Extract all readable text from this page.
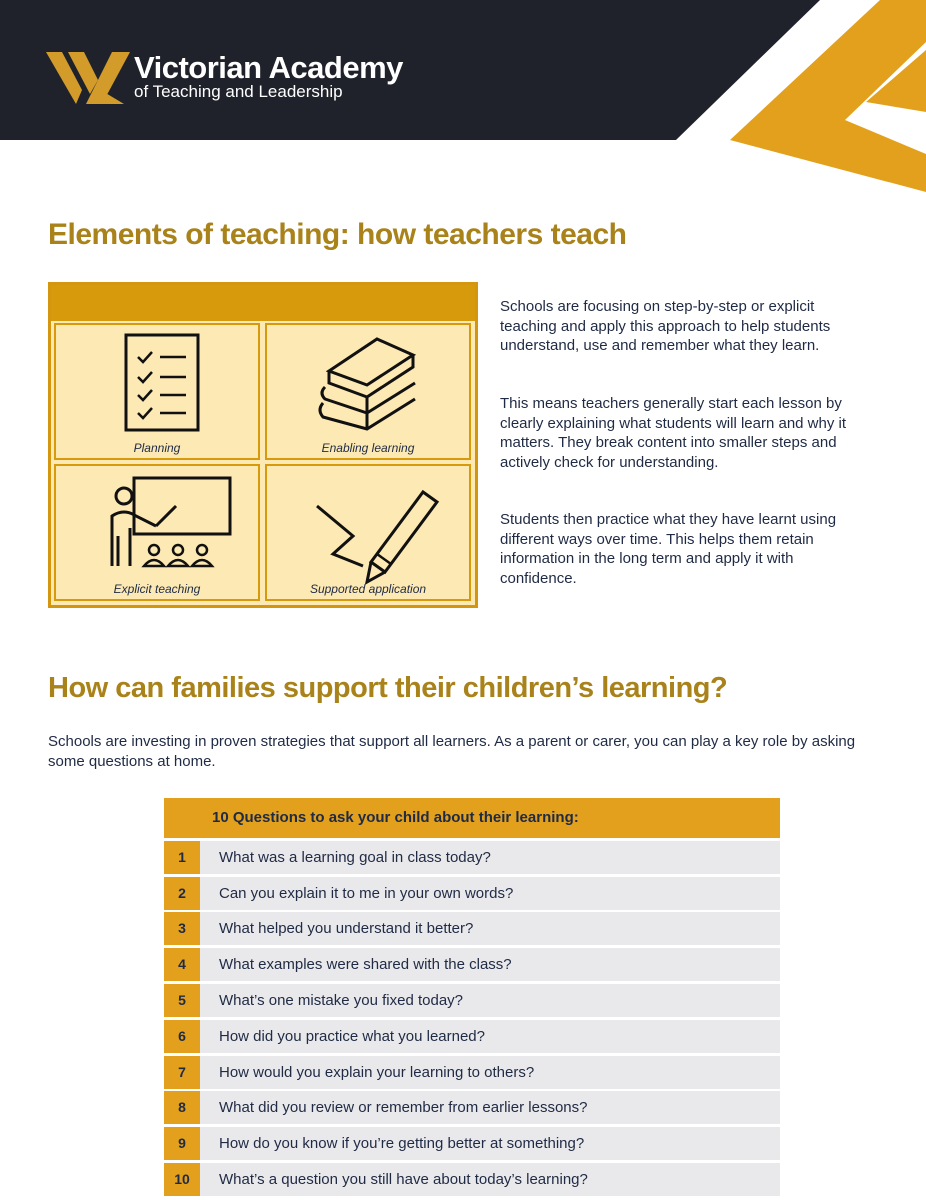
Victorian Academy
of Teaching and Leadership
Elements of teaching: how teachers teach
Planning	Enabling learning
Explicit teaching	Supported application
Schools are focusing on step-by-step or explicit teaching and apply this approach to help students understand, use and remember what they learn.
This means teachers generally start each lesson by clearly explaining what students will learn and why it matters. They break content into smaller steps and actively check for understanding.
Students then practice what they have learnt using different ways over time. This helps them retain information in the long term and apply it with confidence.
How can families support their children’s learning?
Schools are investing in proven strategies that support all learners. As a parent or carer, you can play a key role by asking some questions at home.
10 Questions to ask your child about their learning:
1	What was a learning goal in class today?
2	Can you explain it to me in your own words?
3	What helped you understand it better?
4	What examples were shared with the class?
5	What’s one mistake you fixed today?
6	How did you practice what you learned?
7	How would you explain your learning to others?
8	What did you review or remember from earlier lessons?
9	How do you know if you’re getting better at something?
10	What’s a question you still have about today’s learning?
